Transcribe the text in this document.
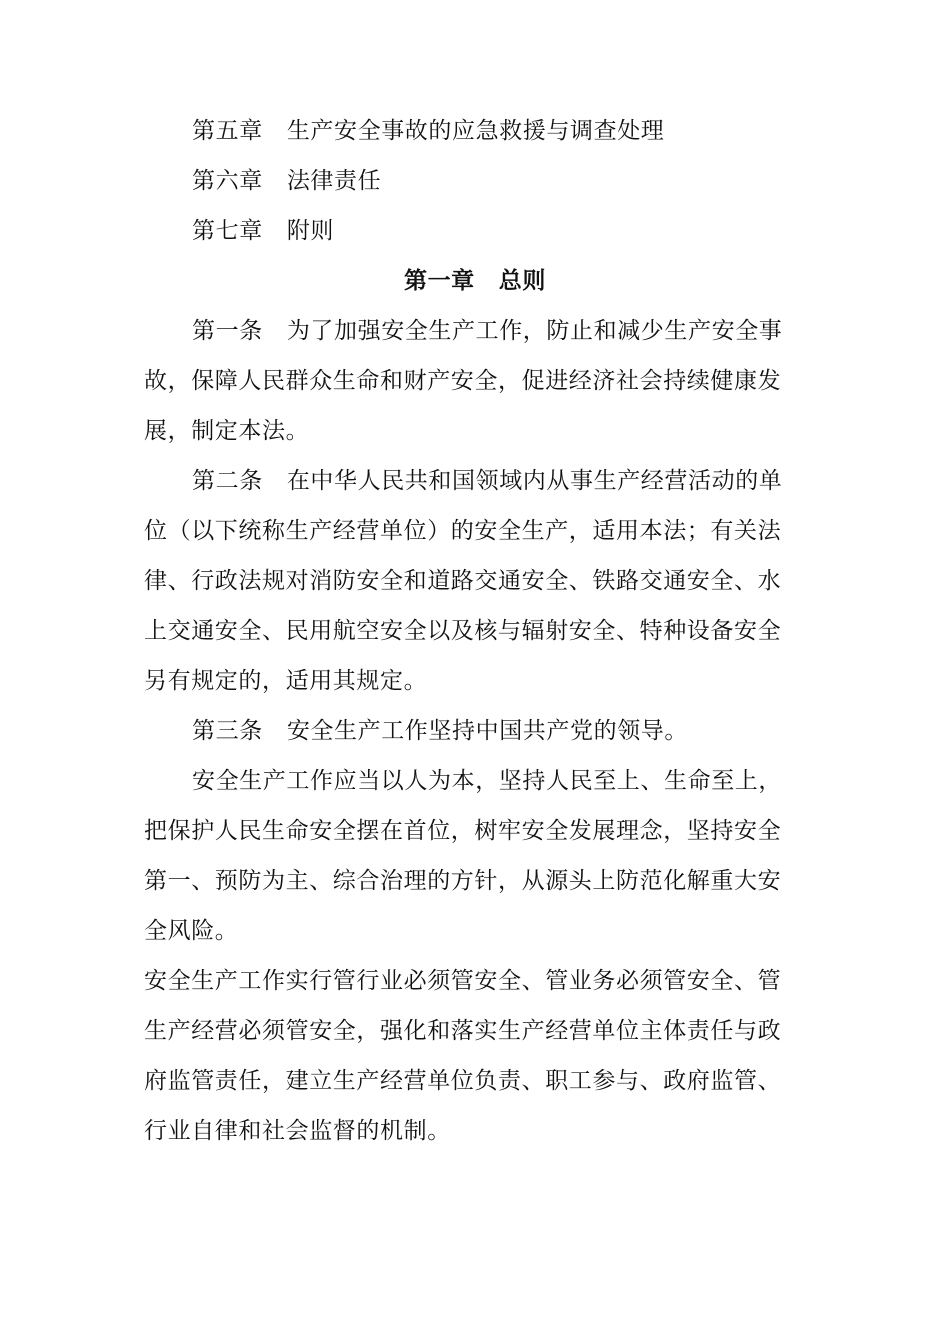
第五章 生产安全事故的应急救援与调查处理
第六章 法律责任
第七章 附则
第一章 总则
第一条 为了加强安全生产工作，防止和减少生产安全事
故，保障人民群众生命和财产安全，促进经济社会持续健康发
展，制定本法。
第二条 在中华人民共和国领域内从事生产经营活动的单
位（以下统称生产经营单位）的安全生产，适用本法；有关法
律、行政法规对消防安全和道路交通安全、铁路交通安全、水
上交通安全、民用航空安全以及核与辐射安全、特种设备安全
另有规定的，适用其规定。
第三条 安全生产工作坚持中国共产党的领导。
安全生产工作应当以人为本，坚持人民至上、生命至上，
把保护人民生命安全摆在首位，树牢安全发展理念，坚持安全
第一、预防为主、综合治理的方针，从源头上防范化解重大安
全风险。
安全生产工作实行管行业必须管安全、管业务必须管安全、管
生产经营必须管安全，强化和落实生产经营单位主体责任与政
府监管责任，建立生产经营单位负责、职工参与、政府监管、
行业自律和社会监督的机制。
